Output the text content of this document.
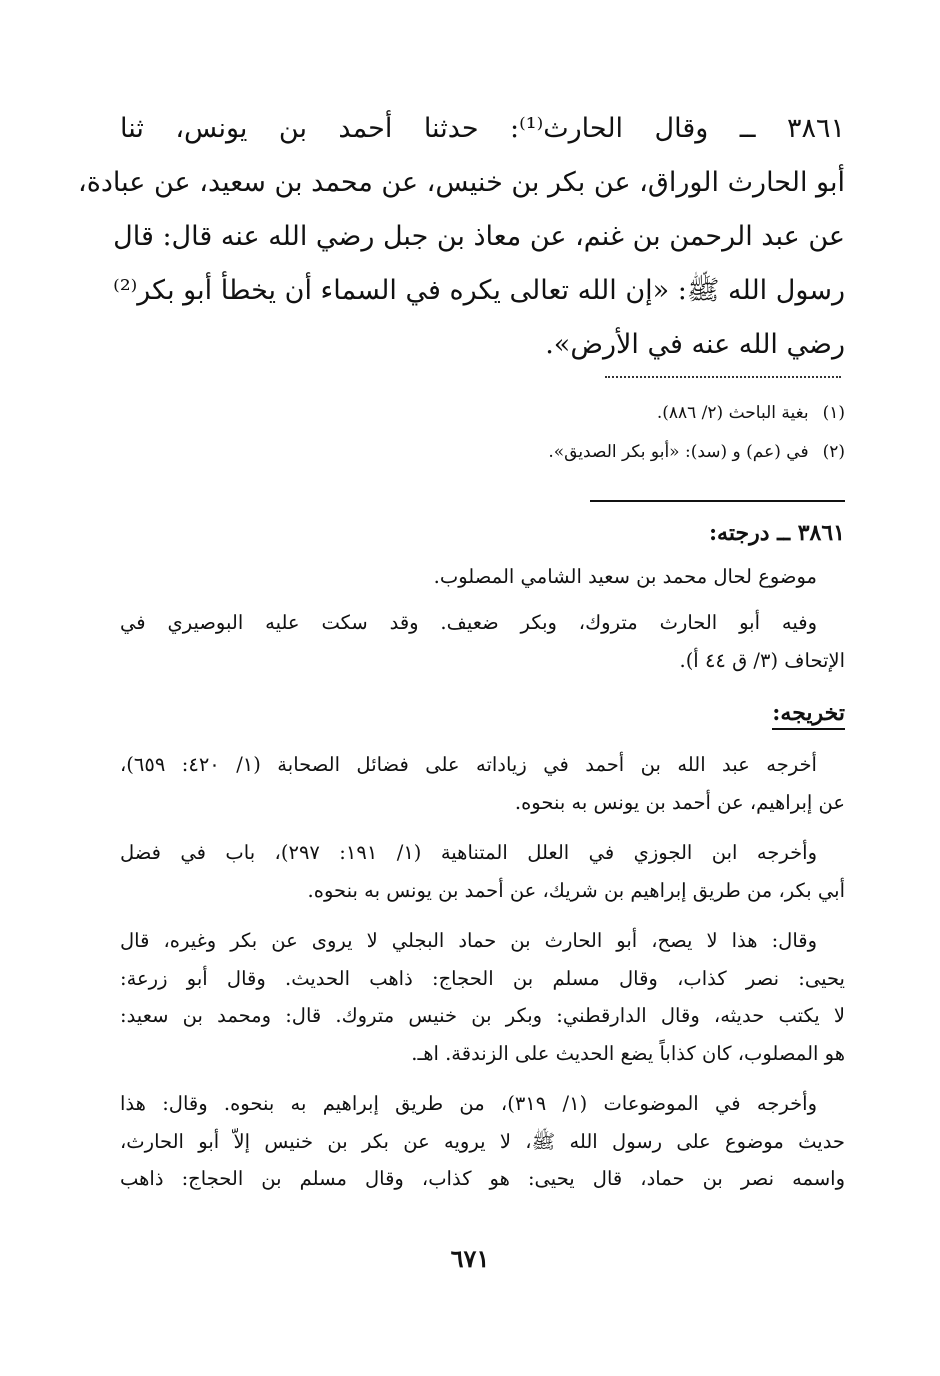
٣٨٦١ ــ وقال الحارث⁽¹⁾: حدثنا أحمد بن يونس، ثنا
أبو الحارث الوراق، عن بكر بن خنيس، عن محمد بن سعيد، عن عبادة،
عن عبد الرحمن بن غنم، عن معاذ بن جبل رضي الله عنه قال: قال
رسول الله ﷺ: «إن الله تعالى يكره في السماء أن يخطأ أبو بكر⁽²⁾
رضي الله عنه في الأرض».
(١)بغية الباحث (٢/ ٨٨٦).
(٢)في (عم) و (سد): «أبو بكر الصديق».
٣٨٦١ ــ درجته:
موضوع لحال محمد بن سعيد الشامي المصلوب.
وفيه أبو الحارث متروك، وبكر ضعيف. وقد سكت عليه البوصيري في
الإتحاف (٣/ ق ٤٤ أ).
تخريجه:
أخرجه عبد الله بن أحمد في زياداته على فضائل الصحابة (١/ ٤٢٠: ٦٥٩)،
عن إبراهيم، عن أحمد بن يونس به بنحوه.
وأخرجه ابن الجوزي في العلل المتناهية (١/ ١٩١: ٢٩٧)، باب في فضل
أبي بكر، من طريق إبراهيم بن شريك، عن أحمد بن يونس به بنحوه.
وقال: هذا لا يصح، أبو الحارث بن حماد البجلي لا يروى عن بكر وغيره، قال
يحيى: نصر كذاب، وقال مسلم بن الحجاج: ذاهب الحديث. وقال أبو زرعة:
لا يكتب حديثه، وقال الدارقطني: وبكر بن خنيس متروك. قال: ومحمد بن سعيد:
هو المصلوب، كان كذاباً يضع الحديث على الزندقة. اهـ.
وأخرجه في الموضوعات (١/ ٣١٩)، من طريق إبراهيم به بنحوه. وقال: هذا
حديث موضوع على رسول الله ﷺ، لا يرويه عن بكر بن خنيس إلاّ أبو الحارث،
واسمه نصر بن حماد، قال يحيى: هو كذاب، وقال مسلم بن الحجاج: ذاهب
٦٧١
